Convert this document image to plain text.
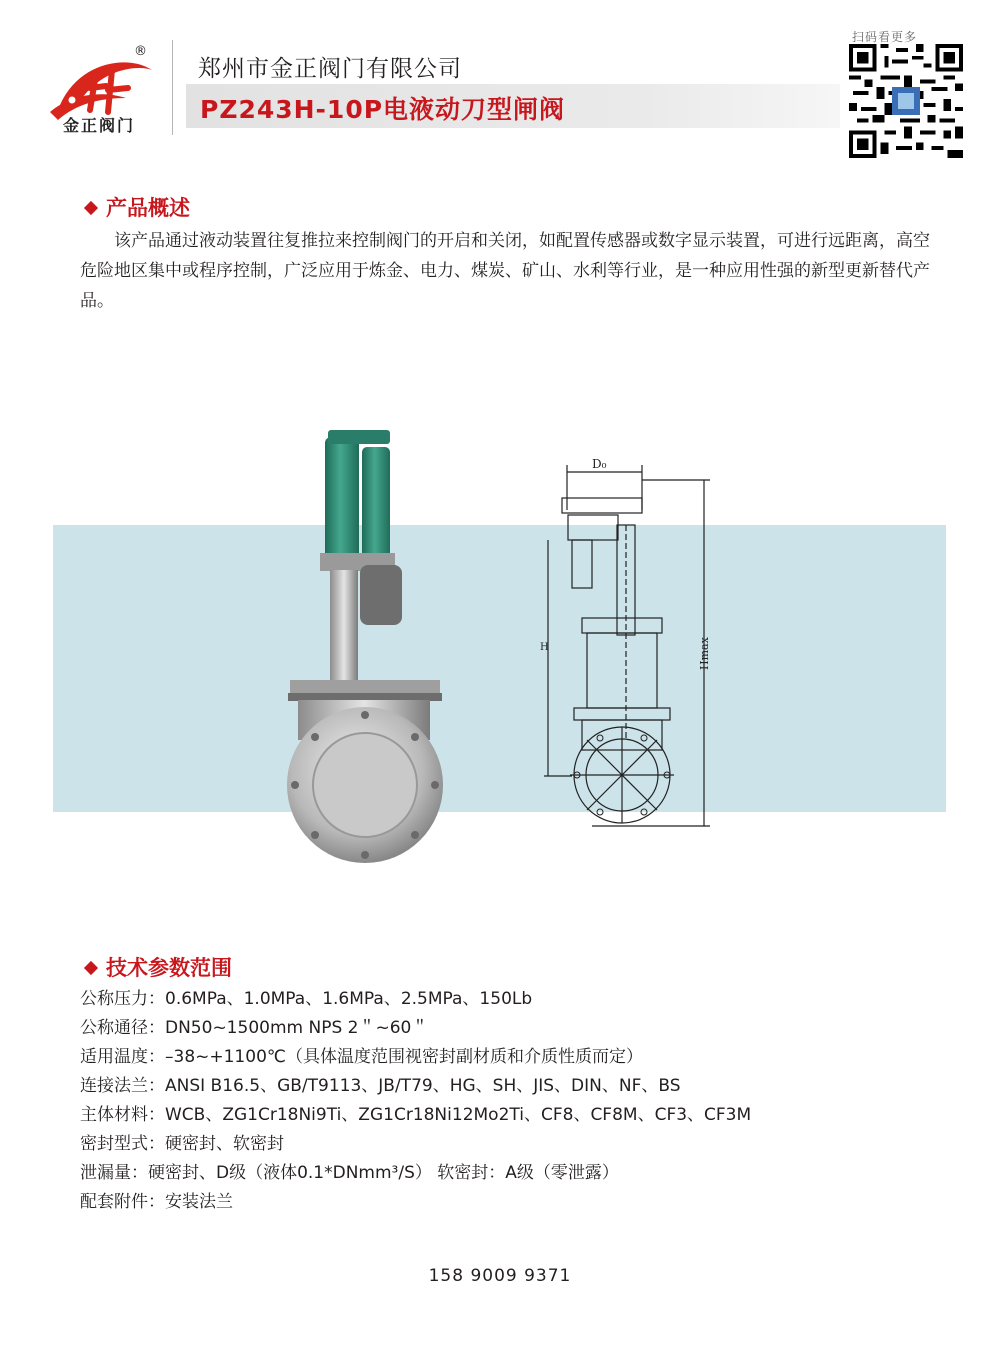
®
金正阀门
郑州市金正阀门有限公司
PZ243H-10P电液动刀型闸阀
扫码看更多
产品概述

该产品通过液动装置往复推拉来控制阀门的开启和关闭，如配置传感器或数字显示装置，可进行远距离，高空危险地区集中或程序控制，广泛应用于炼金、电力、煤炭、矿山、水利等行业，是一种应用性强的新型更新替代产品。

D₀
H	Hmax
技术参数范围
公称压力：0.6MPa、1.0MPa、1.6MPa、2.5MPa、150Lb
公称通径：DN50~1500mm NPS 2＂~60＂
适用温度：–38~+1100℃（具体温度范围视密封副材质和介质性质而定）
连接法兰：ANSI B16.5、GB/T9113、JB/T79、HG、SH、JIS、DIN、NF、BS
主体材料：WCB、ZG1Cr18Ni9Ti、ZG1Cr18Ni12Mo2Ti、CF8、CF8M、CF3、CF3M
密封型式：硬密封、软密封
泄漏量：硬密封、D级（液体0.1*DNmm³/S） 软密封：A级（零泄露）
配套附件：安装法兰
158 9009 9371
